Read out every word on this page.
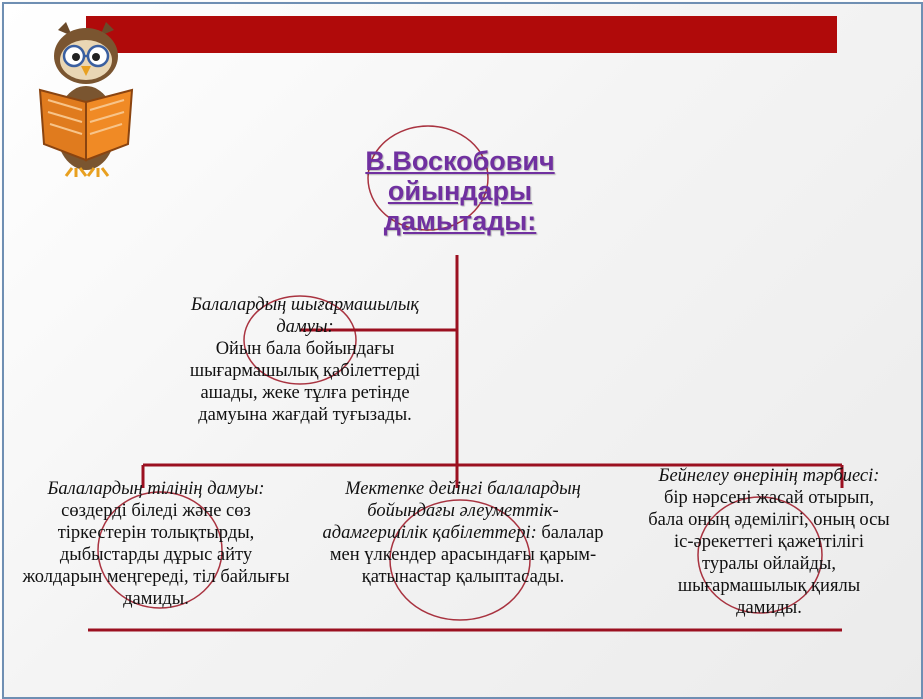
В.Воскобович ойындары дамытады:
Балалардың шығармашылық дамуы:
Ойын бала бойындағы шығармашылық қабілеттерді ашады, жеке тұлға ретінде дамуына жағдай туғызады.
Балалардың тілінің дамуы: сөздерді біледі және сөз тіркестерін толықтырды, дыбыстарды дұрыс айту жолдарын меңгереді, тіл байлығы дамиды.
Мектепке дейінгі балалардың бойындағы әлеуметтік-адамгершілік қабілеттері: балалар мен үлкендер арасындағы қарым-қатынастар қалыптасады.
Бейнелеу өнерінің тәрбиесі: бір нәрсені жасай отырып, бала оның әдемілігі, оның осы іс-әрекеттегі қажеттілігі туралы ойлайды, шығармашылық қиялы дамиды.
